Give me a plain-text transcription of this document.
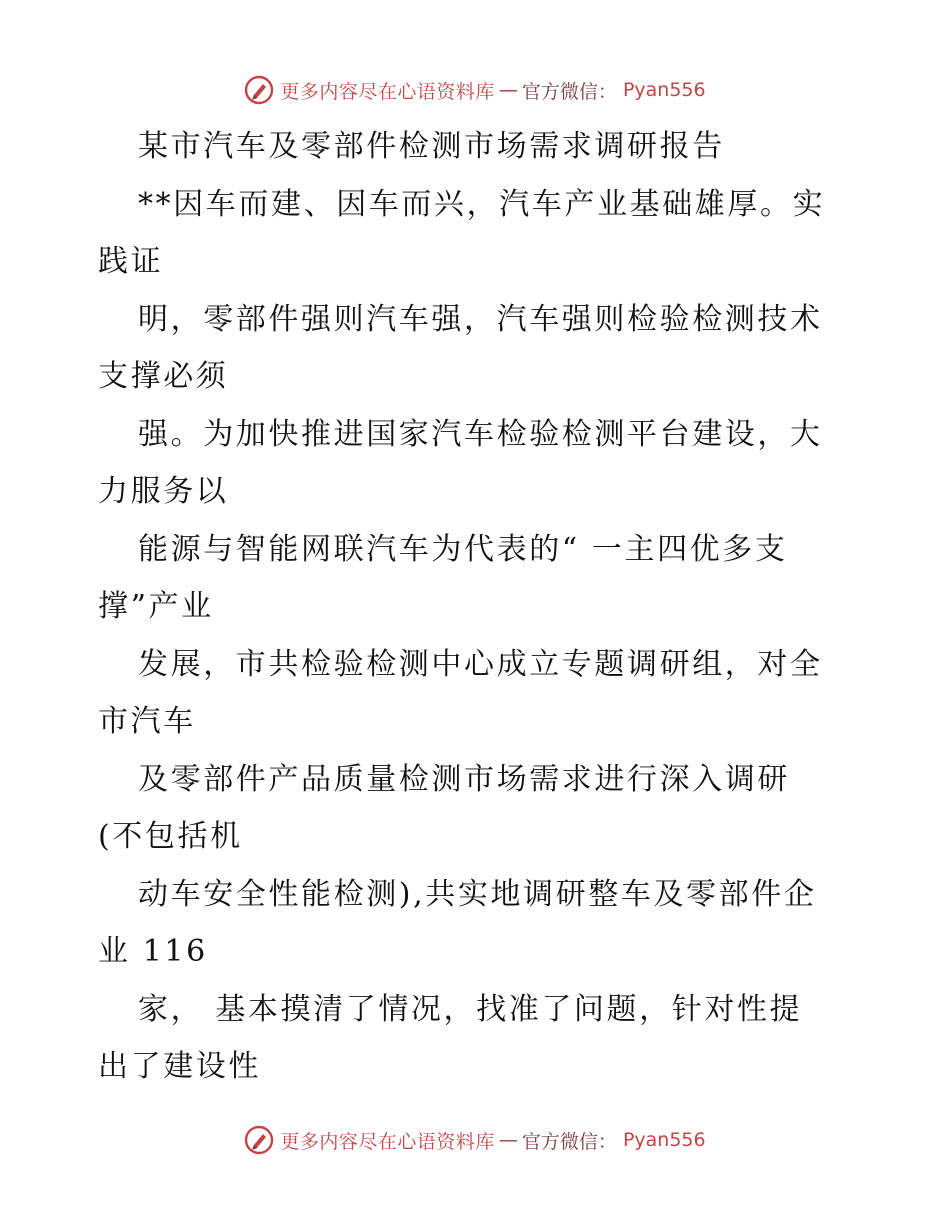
更多内容尽在心语资料库 — 官方微信： Pyan556
某市汽车及零部件检测市场需求调研报告
**因车而建、因车而兴，汽车产业基础雄厚。实
践证
明，零部件强则汽车强，汽车强则检验检测技术
支撑必须
强。为加快推进国家汽车检验检测平台建设，大
力服务以
能源与智能网联汽车为代表的“ 一主四优多支
撑”产业
发展，市共检验检测中心成立专题调研组，对全
市汽车
及零部件产品质量检测市场需求进行深入调研
(不包括机
动车安全性能检测),共实地调研整车及零部件企
业 116
家， 基本摸清了情况，找准了问题，针对性提
出了建设性
更多内容尽在心语资料库 — 官方微信： Pyan556
